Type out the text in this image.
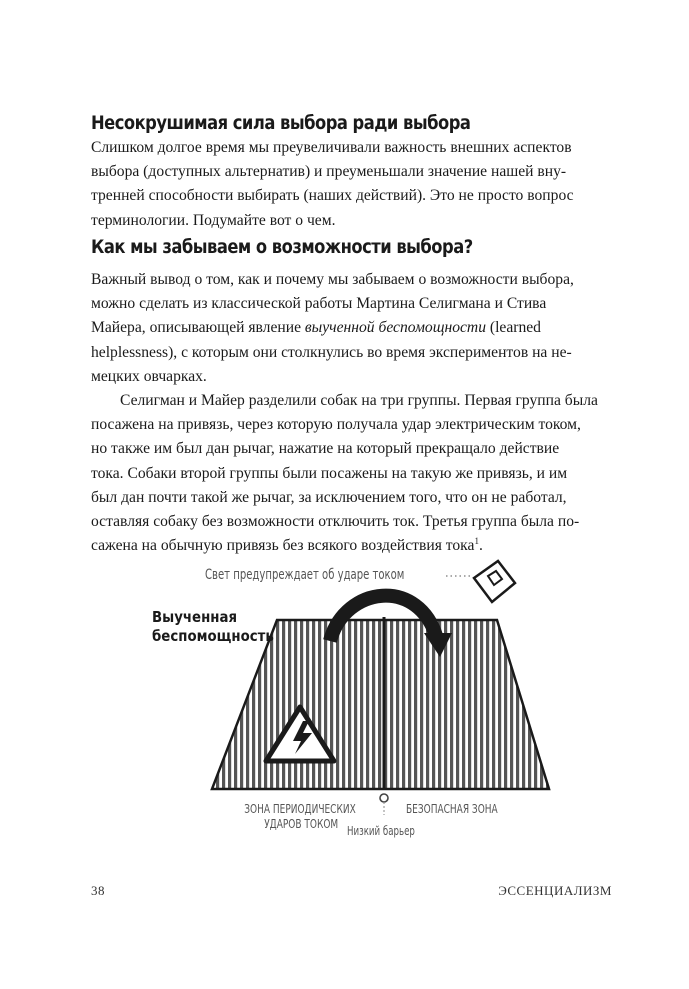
Несокрушимая сила выбора ради выбора

Слишком долгое время мы преувеличивали важность внешних аспектов
выбора (доступных альтернатив) и преуменьшали значение нашей вну-
тренней способности выбирать (наших действий). Это не просто вопрос
терминологии. Подумайте вот о чем.

Как мы забываем о возможности выбора?

Важный вывод о том, как и почему мы забываем о возможности выбора,
можно сделать из классической работы Мартина Селигмана и Стива
Майера, описывающей явление выученной беспомощности (learned
helplessness), с которым они столкнулись во время экспериментов на не-
мецких овчарках.

Селигман и Майер разделили собак на три группы. Первая группа была
посажена на привязь, через которую получала удар электрическим током,
но также им был дан рычаг, нажатие на который прекращало действие
тока. Собаки второй группы были посажены на такую же привязь, и им
был дан почти такой же рычаг, за исключением того, что он не работал,
оставляя собаку без возможности отключить ток. Третья группа была по-
сажена на обычную привязь без всякого воздействия тока$^1$.

Свет предупреждает об ударе током
Выученная
беспомощность
ЗОНА ПЕРИОДИЧЕСКИХ
УДАРОВ ТОКОМ
БЕЗОПАСНАЯ ЗОНА
Низкий барьер
38	ЭССЕНЦИАЛИЗМ
